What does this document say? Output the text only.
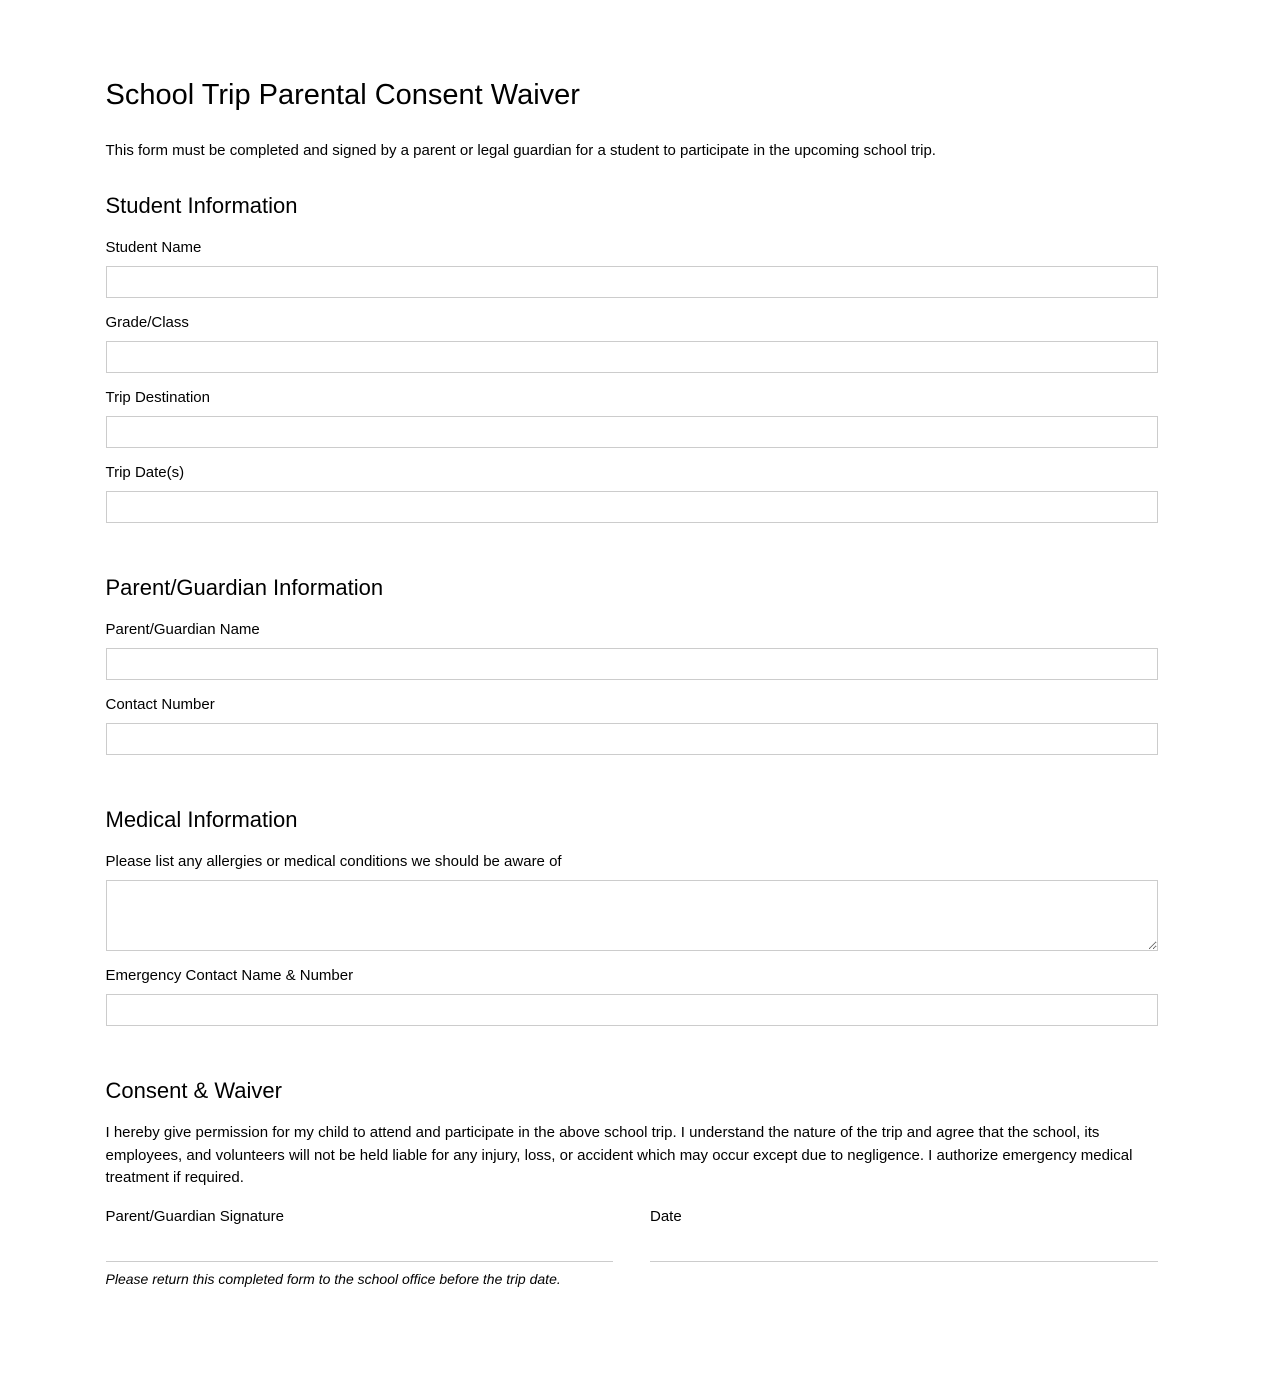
School Trip Parental Consent Waiver

This form must be completed and signed by a parent or legal guardian for a student to participate in the upcoming school trip.

Student Information
Student Name
Grade/Class
Trip Destination
Trip Date(s)
Parent/Guardian Information
Parent/Guardian Name
Contact Number
Medical Information
Please list any allergies or medical conditions we should be aware of
Emergency Contact Name & Number
Consent & Waiver

I hereby give permission for my child to attend and participate in the above school trip. I understand the nature of the trip and agree that the school, its employees, and volunteers will not be held liable for any injury, loss, or accident which may occur except due to negligence. I authorize emergency medical treatment if required.

Parent/Guardian Signature	Date

Please return this completed form to the school office before the trip date.
